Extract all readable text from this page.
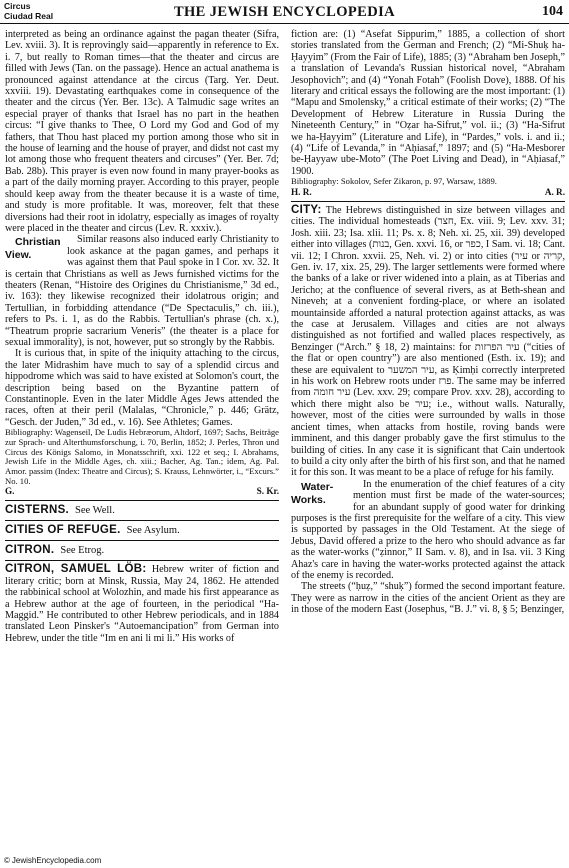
Circus
Ciudad Real	THE JEWISH ENCYCLOPEDIA	104

interpreted as being an ordinance against the pagan theater (Sifra, Lev. xviii. 3). It is reprovingly said—apparently in reference to Ex. i. 7, but really to Roman times—that the theater and circus are filled with Jews (Tan. on the passage). Hence an actual anathema is pronounced against attendance at the circus (Targ. Yer. Deut. xxviii. 19). Devastating earthquakes come in consequence of the theater and the circus (Yer. Ber. 13c). A Talmudic sage writes an especial prayer of thanks that Israel has no part in the heathen circus: “I give thanks to Thee, O Lord my God and God of my fathers, that Thou hast placed my portion among those who sit in the house of learning and the house of prayer, and didst not cast my lot among those who frequent theaters and circuses” (Yer. Ber. 7d; Bab. 28b). This prayer is even now found in many prayer-books as a part of the daily morning prayer. According to this prayer, people should keep away from the theater because it is a waste of time, and study is more profitable. It was, moreover, felt that these diversions had their root in idolatry, especially as images of royalty were placed in the theater and circus (Lev. R. xxxiv.).

Christian View.
Similar reasons also induced early Christianity to look askance at the pagan games, and perhaps it was against them that Paul spoke in I Cor. xv. 32. It is certain that Christians as well as Jews furnished victims for the theaters (Renan, “Histoire des Origines du Christianisme,” 3d ed., iv. 163): they likewise recognized their idolatrous origin; and Tertullian, in forbidding attendance (“De Spectaculis,” ch. iii.), refers to Ps. i. 1, as do the Rabbis. Tertullian's phrase (ch. x.), “Theatrum proprie sacrarium Veneris” (the theater is a place for sexual immorality), is not, however, put so strongly by the Rabbis.

It is curious that, in spite of the iniquity attaching to the circus, the later Midrashim have much to say of a splendid circus and hippodrome which was said to have existed at Solomon's court, the description being based on the Byzantine pattern of Constantinople. Even in the later Middle Ages Jews attended the races, often at their peril (Malalas, “Chronicle,” p. 446; Grätz, “Gesch. der Juden,” 3d ed., v. 16). See Athletes; Games.

Bibliography: Wagenseil, De Ludis Hebræorum, Altdorf, 1697; Sachs, Beiträge zur Sprach- und Alterthumsforschung, i. 70, Berlin, 1852; J. Perles, Thron und Circus des Königs Salomo, in Monatsschrift, xxi. 122 et seq.; I. Abrahams, Jewish Life in the Middle Ages, ch. xiii.; Bacher, Ag. Tan.; idem, Ag. Pal. Amor. passim (Index: Theatre and Circus); S. Krauss, Lehnwörter, i., “Excurs.” No. 10.

G.	S. Kr.
CISTERNS. See Well.
CITIES OF REFUGE. See Asylum.
CITRON. See Etrog.

CITRON, SAMUEL LÖB: Hebrew writer of fiction and literary critic; born at Minsk, Russia, May 24, 1862. He attended the rabbinical school at Wolozhin, and made his first appearance as a Hebrew author at the age of fourteen, in the periodical “Ha-Maggid.” He contributed to other Hebrew periodicals, and in 1884 translated Leon Pinsker's “Autoemancipation” from German into Hebrew, under the title “Im en ani li mi li.” His works of

fiction are: (1) “Asefat Sippurim,” 1885, a collection of short stories translated from the German and French; (2) “Mi-Shuḳ ha-Ḥayyim” (From the Fair of Life), 1885; (3) “Abraham ben Joseph,” a translation of Levanda's Russian historical novel, “Abraham Jesophovich”; and (4) “Yonah Fotah” (Foolish Dove), 1888. Of his literary and critical essays the following are the most important: (1) “Mapu and Smolensky,” a critical estimate of their works; (2) “The Development of Hebrew Literature in Russia During the Nineteenth Century,” in “Oẓar ha-Sifrut,” vol. ii.; (3) “Ha-Sifrut we ha-Ḥayyim” (Literature and Life), in “Pardes,” vols. i. and ii.; (4) “Life of Levanda,” in “Aḥiasaf,” 1897; and (5) “Ha-Mesborer be-Ḥayyaw ube-Moto” (The Poet Living and Dead), in “Aḥiasaf,” 1900.

Bibliography: Sokolov, Sefer Zikaron, p. 97, Warsaw, 1889.

H. R.	A. R.

CITY: The Hebrews distinguished in size between villages and cities. The individual homesteads (חצר, Ex. viii. 9; Lev. xxv. 31; Josh. xiii. 23; Isa. xlii. 11; Ps. x. 8; Neh. xi. 25, xii. 39) developed either into villages (בנות, Gen. xxvi. 16, or כפר, I Sam. vi. 18; Cant. vii. 12; I Chron. xxvii. 25, Neh. vi. 2) or into cities (עיר or קריה, Gen. iv. 17, xix. 25, 29). The larger settlements were formed where the banks of a lake or river widened into a plain, as at Tiberias and Jericho; at the confluence of several rivers, as at Beth-shean and Nineveh; at a convenient fording-place, or where an isolated mountainside afforded a natural protection against attacks, as was the case at Jerusalem. Villages and cities are not always distinguished as not fortified and walled places respectively, as Benzinger (“Arch.” § 18, 2) maintains: for עיר הפרזות (“cities of the flat or open country”) are also mentioned (Esth. ix. 19); and these are equivalent to עיר המשער, as Ḳimḥi correctly interpreted in his work on Hebrew roots under פרז. The same may be inferred from עיר חומה (Lev. xxv. 29; compare Prov. xxv. 28), according to which there might also be עיר; i.e., without walls. Naturally, however, most of the cities were surrounded by walls in those ancient times, when attacks from hostile, roving bands were imminent, and this danger probably gave the first stimulus to the building of cities. In any case it is significant that Cain undertook to build a city only after the birth of his first son, and that he named it for this son. It was meant to be a place of refuge for his family.

Water-Works.
In the enumeration of the chief features of a city mention must first be made of the water-sources; for an abundant supply of good water for drinking purposes is the first prerequisite for the welfare of a city. This view is supported by passages in the Old Testament. At the siege of Jebus, David offered a prize to the hero who should advance as far as the water-works (“ẓinnor,” II Sam. v. 8), and in Isa. vii. 3 King Ahaz's care in having the water-works protected against the attack of the enemy is recorded.

The streets (“ḥuẓ,” “shuḳ”) formed the second important feature. They were as narrow in the cities of the ancient Orient as they are in those of the modern East (Josephus, “B. J.” vi. 8, § 5; Benzinger,

© JewishEncyclopedia.com
